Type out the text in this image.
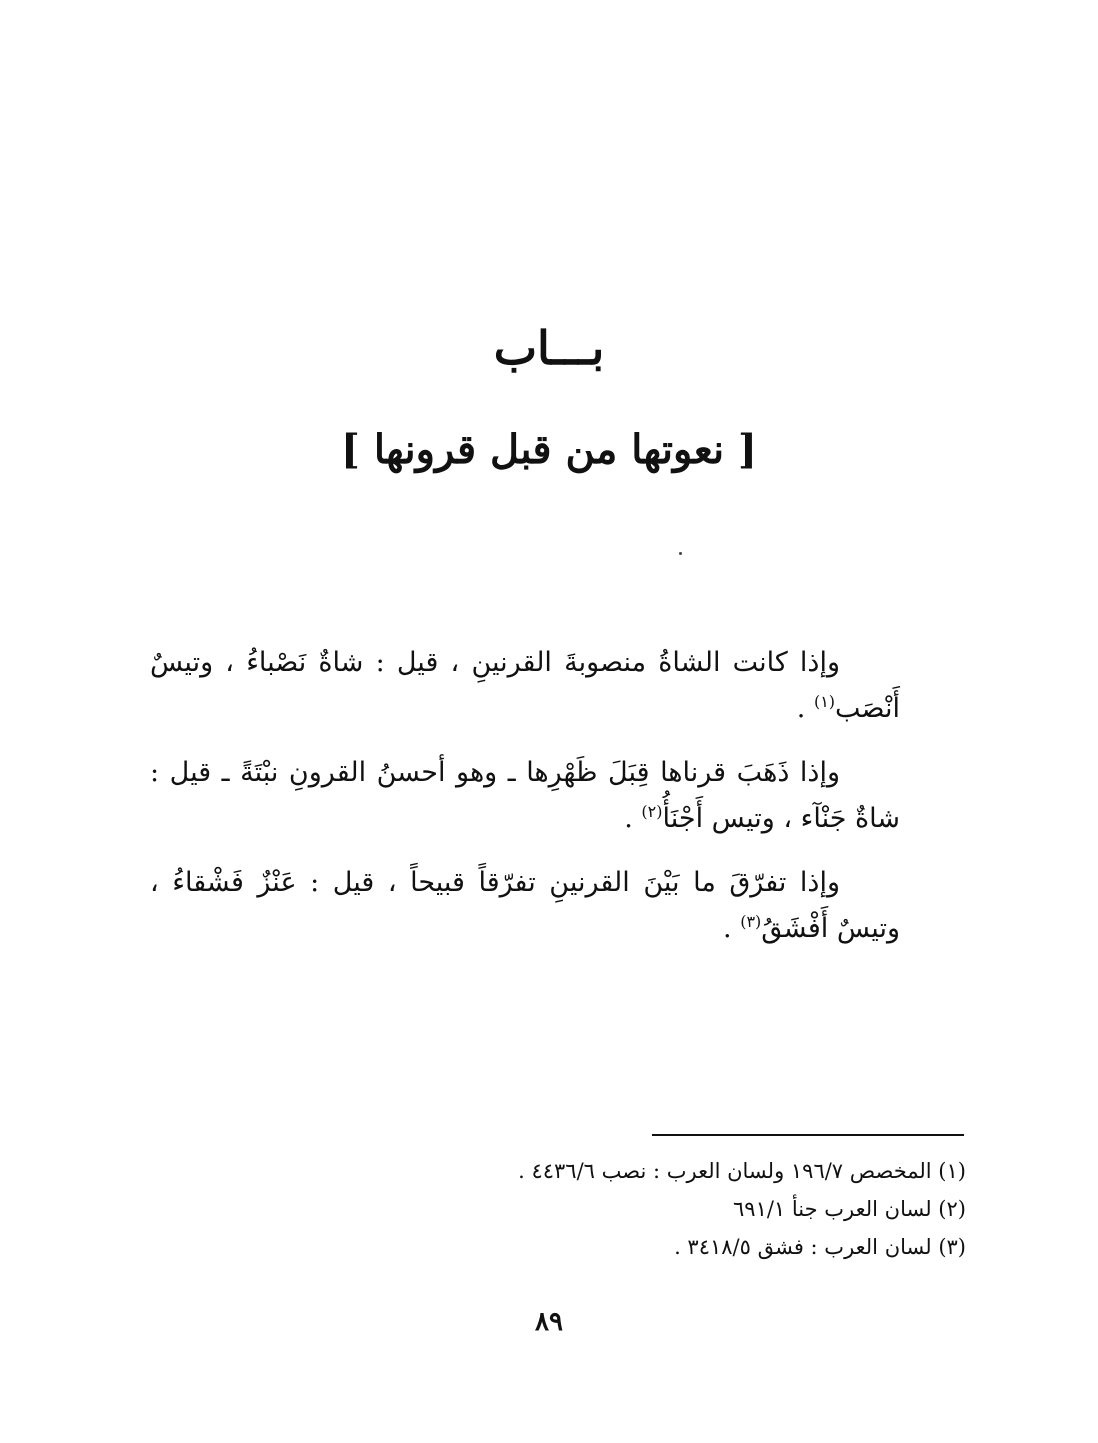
بـــاب
[ نعوتها من قبل قرونها ]

وإذا كانت الشاةُ منصوبةَ القرنينِ ، قيل : شاةٌ نَصْباءُ ، وتيسٌ أَنْصَب$^{(١)}$ .

وإذا ذَهَبَ قرناها قِبَلَ ظَهْرِها ـ وهو أحسنُ القرونِ نبْتَةً ـ قيل : شاةٌ جَنْآء ، وتيس أَجْنَأُ$^{(٢)}$ .

وإذا تفرّقَ ما بَيْنَ القرنينِ تفرّقاً قبيحاً ، قيل : عَنْزٌ فَشْقاءُ ، وتيسٌ أَفْشَقُ$^{(٣)}$ .

(١) المخصص ١٩٦/٧ ولسان العرب : نصب ٤٤٣٦/٦ .

(٢) لسان العرب جنأ ٦٩١/١

(٣) لسان العرب : فشق ٣٤١٨/٥ .

٨٩
